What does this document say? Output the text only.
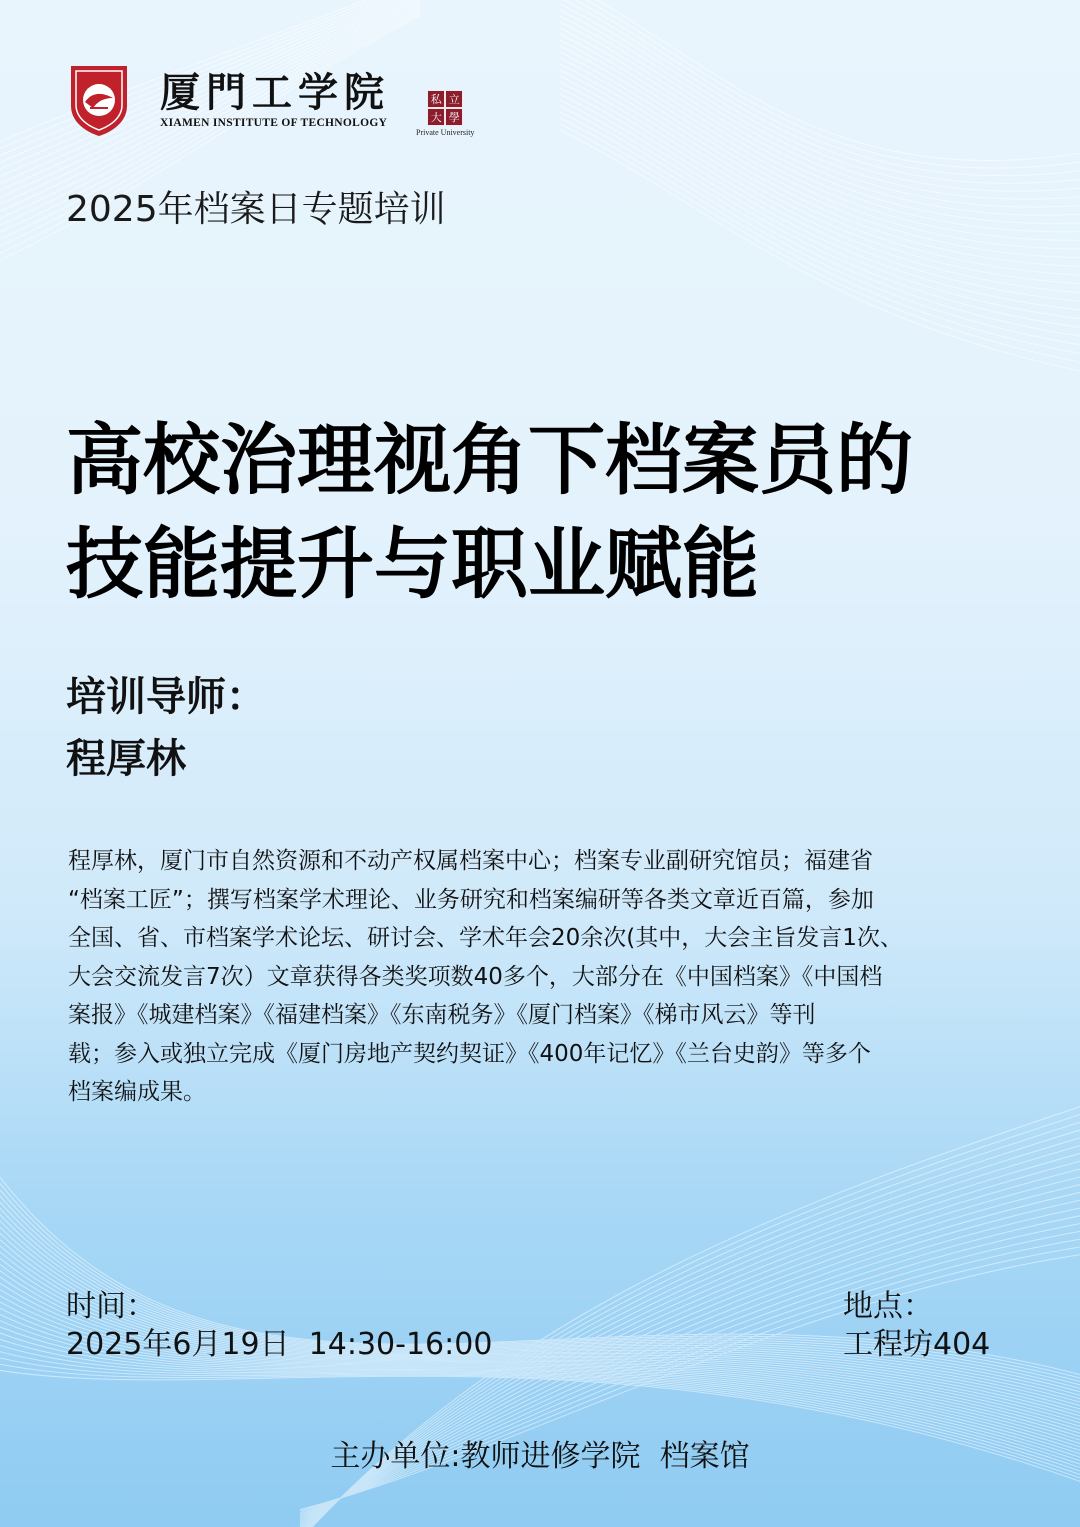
厦門工学院
XIAMEN INSTITUTE OF TECHNOLOGY
私 立
大 學
Private University
2025年档案日专题培训
高校治理视角下档案员的
技能提升与职业赋能
培训导师：
程厚林
程厚林，厦门市自然资源和不动产权属档案中心；档案专业副研究馆员；福建省
“档案工匠”；撰写档案学术理论、业务研究和档案编研等各类文章近百篇，参加
全国、省、市档案学术论坛、研讨会、学术年会20余次(其中，大会主旨发言1次、
大会交流发言7次）文章获得各类奖项数40多个，大部分在《中国档案》《中国档
案报》《城建档案》《福建档案》《东南税务》《厦门档案》《梯市风云》等刊
载；参入或独立完成《厦门房地产契约契证》《400年记忆》《兰台史韵》等多个
档案编成果。
时间：
2025年6月19日  14:30-16:00
地点：
工程坊404
主办单位:教师进修学院  档案馆
